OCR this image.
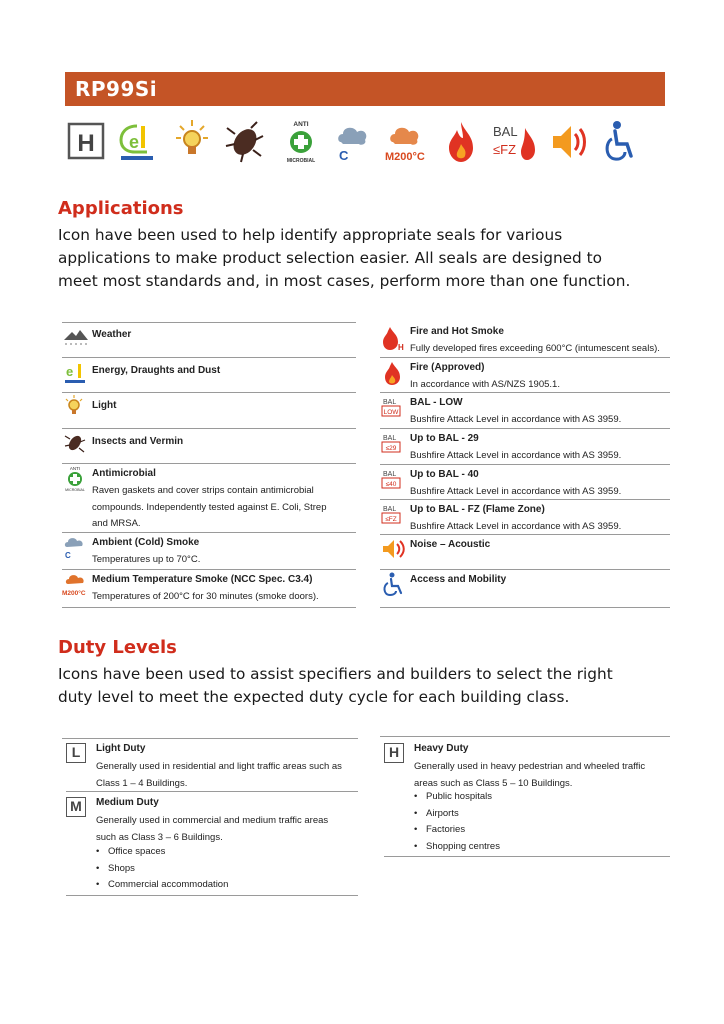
RP99Si
H e
ANTI
MICROBIAL C	M200°C
BAL
≤FZ
Applications
Icon have been used to help identify appropriate seals for various
applications to make product selection easier. All seals are designed to
meet most standards and, in most cases, perform more than one function.
Weather
e Energy, Draughts and Dust
Light
Insects and Vermin
ANTI
MICROBIAL
Antimicrobial
Raven gaskets and cover strips contain antimicrobial
compounds. Independently tested against E. Coli, Strep
and MRSA.
C
Ambient (Cold) Smoke
Temperatures up to 70°C.
M200°C
Medium Temperature Smoke (NCC Spec. C3.4)
Temperatures of 200°C for 30 minutes (smoke doors).
H
Fire and Hot Smoke
Fully developed fires exceeding 600°C (intumescent seals).
Fire (Approved)
In accordance with AS/NZS 1905.1.
BAL
LOW
BAL - LOW
Bushfire Attack Level in accordance with AS 3959.
BAL
≤29
Up to BAL - 29
Bushfire Attack Level in accordance with AS 3959.
BAL
≤40
Up to BAL - 40
Bushfire Attack Level in accordance with AS 3959.
BAL
≤FZ
Up to BAL - FZ (Flame Zone)
Bushfire Attack Level in accordance with AS 3959.
Noise – Acoustic
Access and Mobility
Duty Levels
Icons have been used to assist specifiers and builders to select the right
duty level to meet the expected duty cycle for each building class.
L	Light Duty
Generally used in residential and light traffic areas such as
Class 1 – 4 Buildings.
M	Medium Duty
Generally used in commercial and medium traffic areas
such as Class 3 – 6 Buildings.
• Office spaces
• Shops
• Commercial accommodation
H	Heavy Duty
Generally used in heavy pedestrian and wheeled traffic
areas such as Class 5 – 10 Buildings.
• Public hospitals
• Airports
• Factories
• Shopping centres
